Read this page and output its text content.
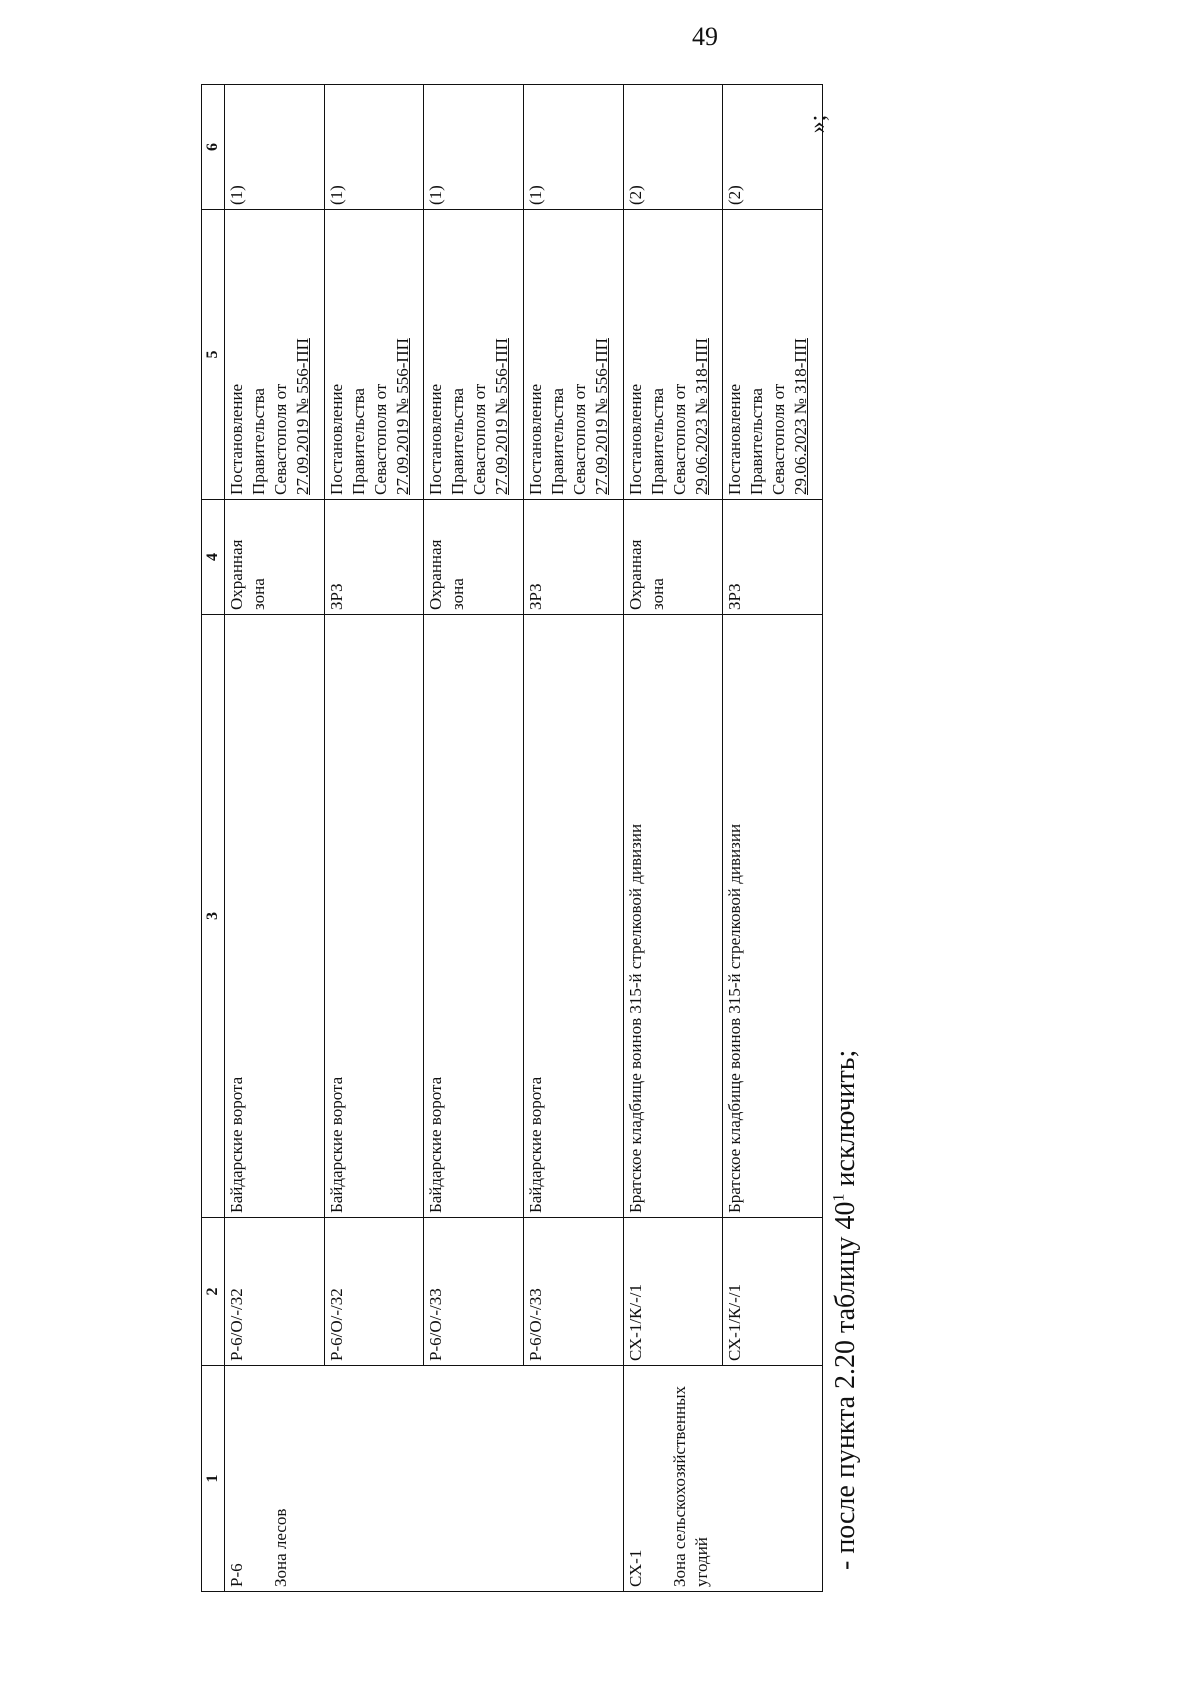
49
1	2	3	4	5	6

Р-6 Зона лесов	Р-6/О/-/32	Байдарские ворота	Охранная зона	Постановление Правительства Севастополя от 27.09.2019 № 556-ПП	(1)
	Р-6/О/-/32	Байдарские ворота	ЗРЗ	Постановление Правительства Севастополя от 27.09.2019 № 556-ПП	(1)
	Р-6/О/-/33	Байдарские ворота	Охранная зона	Постановление Правительства Севастополя от 27.09.2019 № 556-ПП	(1)
	Р-6/О/-/33	Байдарские ворота	ЗРЗ	Постановление Правительства Севастополя от 27.09.2019 № 556-ПП	(1)

СХ-1 Зона сельскохозяйственных угодий	СХ-1/К/-/1	Братское кладбище воинов 315-й стрелковой дивизии	Охранная зона	Постановление Правительства Севастополя от 29.06.2023 № 318-ПП	(2)
	СХ-1/К/-/1	Братское кладбище воинов 315-й стрелковой дивизии	ЗРЗ	Постановление Правительства Севастополя от 29.06.2023 № 318-ПП	(2)
»;
- после пункта 2.20 таблицу $40^1$ исключить;
